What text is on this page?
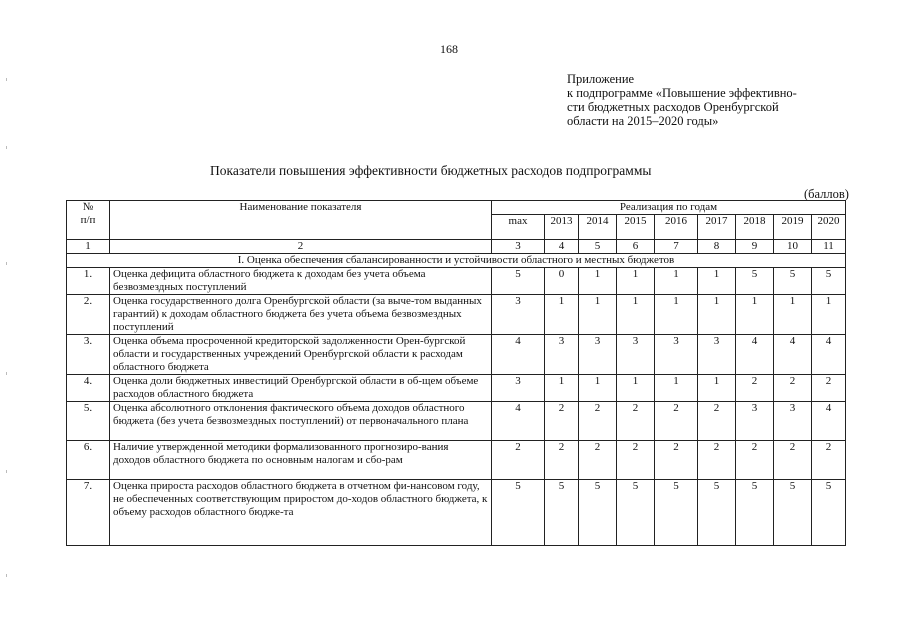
168
Приложение
к подпрограмме «Повышение эффективно-
сти бюджетных расходов Оренбургской
области на 2015–2020 годы»
Показатели повышения эффективности бюджетных расходов подпрограммы
(баллов)
№
п/п	Наименование показателя	Реализация по годам								
		max	2013	2014	2015	2016	2017	2018	2019	2020
1	2	3	4	5	6	7	8	9	10	11
I. Оценка обеспечения сбалансированности и устойчивости областного и местных бюджетов										
1.	Оценка дефицита областного бюджета к доходам без учета объема безвозмездных поступлений	5	0	1	1	1	1	5	5	5
2.	Оценка государственного долга Оренбургской области (за выче-том выданных гарантий) к доходам областного бюджета без учета объема безвозмездных поступлений	3	1	1	1	1	1	1	1	1
3.	Оценка объема просроченной кредиторской задолженности Орен-бургской области и государственных учреждений Оренбургской области к расходам областного бюджета	4	3	3	3	3	3	4	4	4
4.	Оценка доли бюджетных инвестиций Оренбургской области в об-щем объеме расходов областного бюджета	3	1	1	1	1	1	2	2	2
5.	Оценка абсолютного отклонения фактического объема доходов областного бюджета (без учета безвозмездных поступлений) от первоначального плана	4	2	2	2	2	2	3	3	4
6.	Наличие утвержденной методики формализованного прогнозиро-вания доходов областного бюджета по основным налогам и сбо-рам	2	2	2	2	2	2	2	2	2
7.	Оценка прироста расходов областного бюджета в отчетном фи-нансовом году, не обеспеченных соответствующим приростом до-ходов областного бюджета, к объему расходов областного бюдже-та	5	5	5	5	5	5	5	5	5
